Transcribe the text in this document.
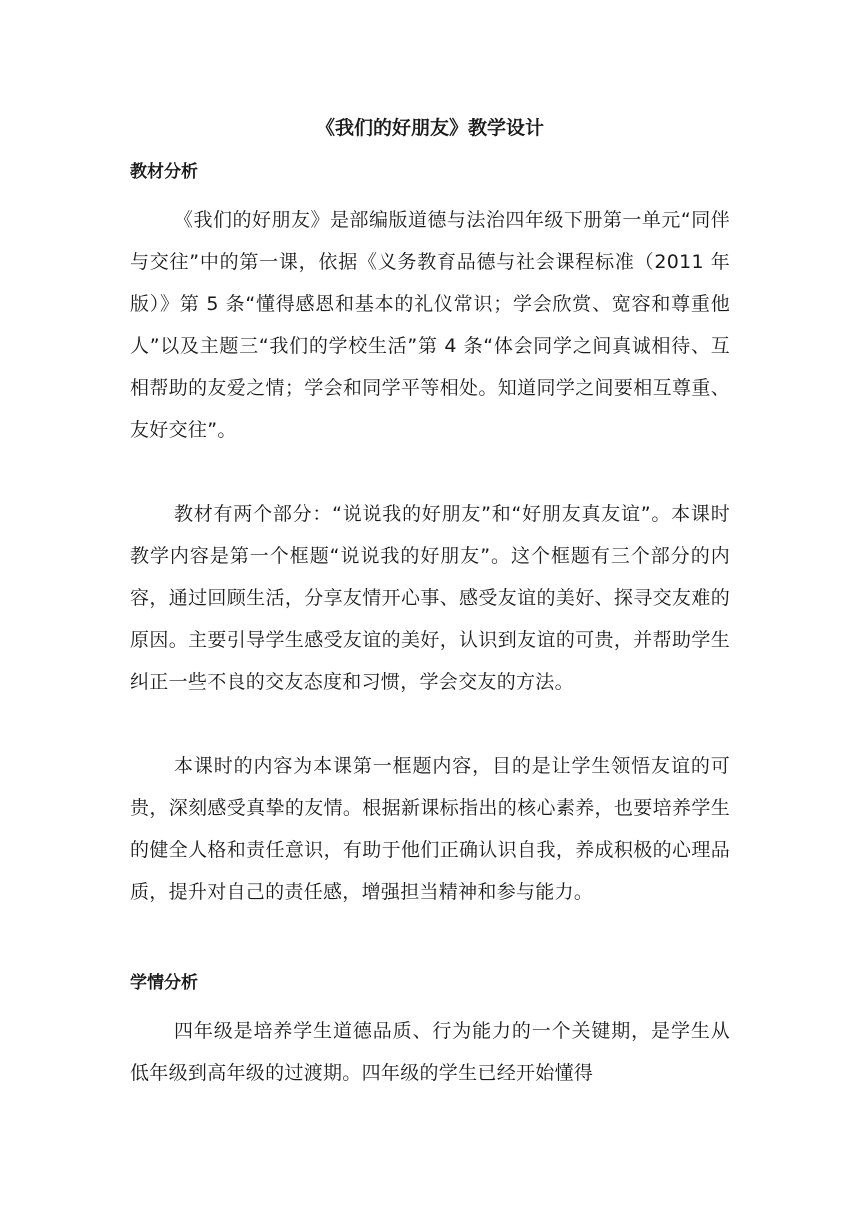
《我们的好朋友》教学设计
教材分析

《我们的好朋友》是部编版道德与法治四年级下册第一单元“同伴与交往”中的第一课，依据《义务教育品德与社会课程标准（2011 年版）》第 5 条“懂得感恩和基本的礼仪常识；学会欣赏、宽容和尊重他人”以及主题三“我们的学校生活”第 4 条“体会同学之间真诚相待、互相帮助的友爱之情；学会和同学平等相处。知道同学之间要相互尊重、友好交往”。

教材有两个部分：“说说我的好朋友”和“好朋友真友谊”。本课时教学内容是第一个框题“说说我的好朋友”。这个框题有三个部分的内容，通过回顾生活，分享友情开心事、感受友谊的美好、探寻交友难的原因。主要引导学生感受友谊的美好，认识到友谊的可贵，并帮助学生纠正一些不良的交友态度和习惯，学会交友的方法。

本课时的内容为本课第一框题内容，目的是让学生领悟友谊的可贵，深刻感受真挚的友情。根据新课标指出的核心素养，也要培养学生的健全人格和责任意识，有助于他们正确认识自我，养成积极的心理品质，提升对自己的责任感，增强担当精神和参与能力。

学情分析

四年级是培养学生道德品质、行为能力的一个关键期，是学生从低年级到高年级的过渡期。四年级的学生已经开始懂得
